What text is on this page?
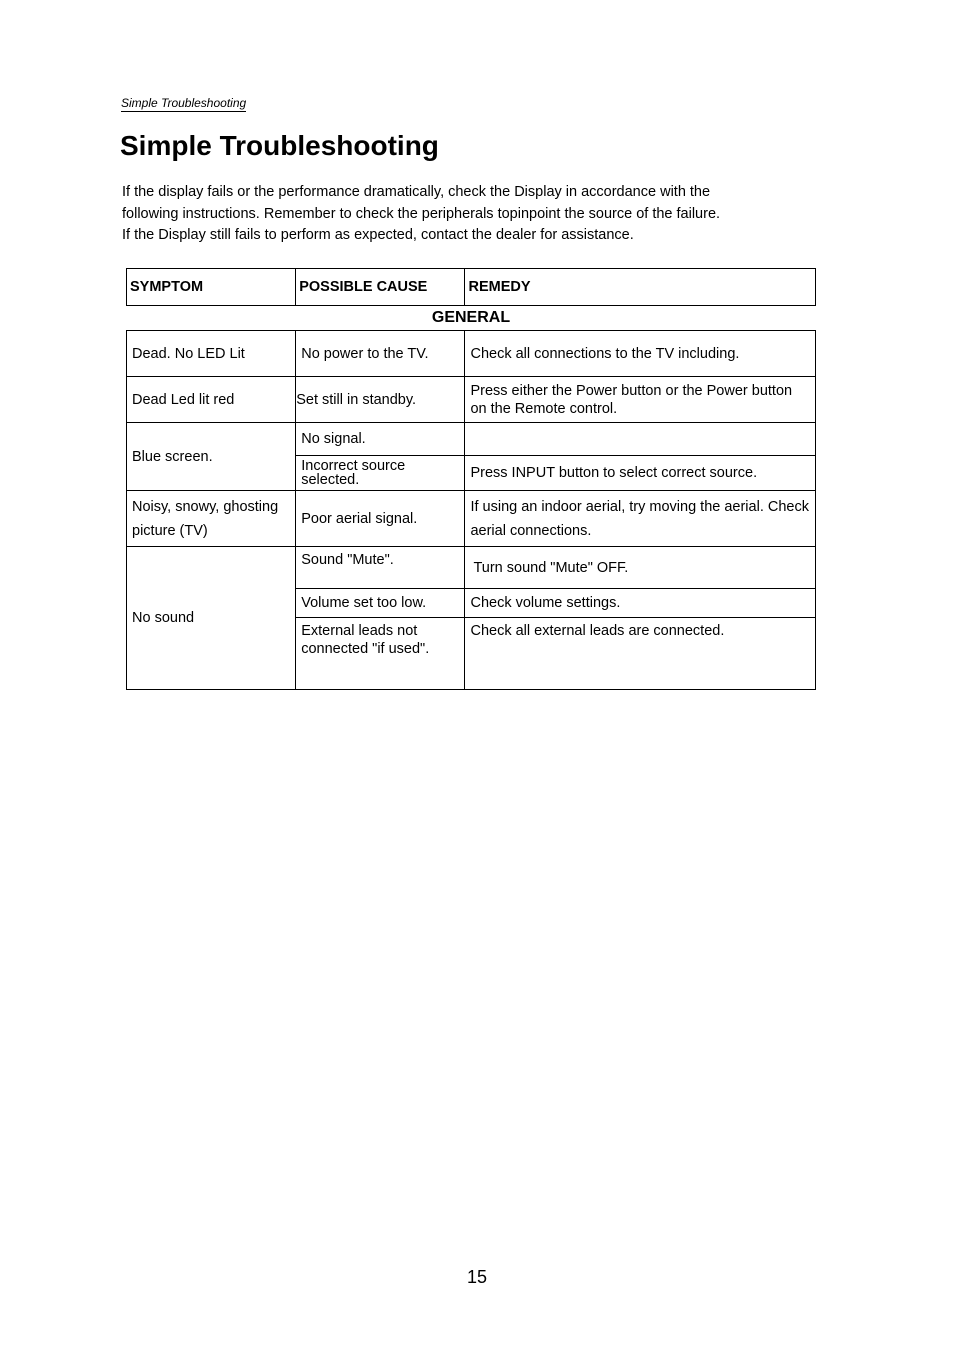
Simple Troubleshooting
Simple Troubleshooting

If the display fails or the performance dramatically, check the Display in accordance with the
following instructions. Remember to check the peripherals topinpoint the source of the failure.
If the Display still fails to perform as expected, contact the dealer for assistance.

SYMPTOM	POSSIBLE CAUSE	REMEDY
GENERAL		
Dead. No LED Lit	No power to the TV.	Check all connections to the TV including.
Dead Led lit red	Set still in standby.	Press either the Power button or the Power button on the Remote control.
Blue screen.	No signal.	
	Incorrect source selected.	Press INPUT button to select correct source.
Noisy, snowy, ghosting picture (TV)	Poor aerial signal.	If using an indoor aerial, try moving the aerial. Check aerial connections.
No sound	Sound "Mute".	Turn sound "Mute" OFF.
	Volume set too low.	Check volume settings.
	External leads not connected "if used".	Check all external leads are connected.
15
